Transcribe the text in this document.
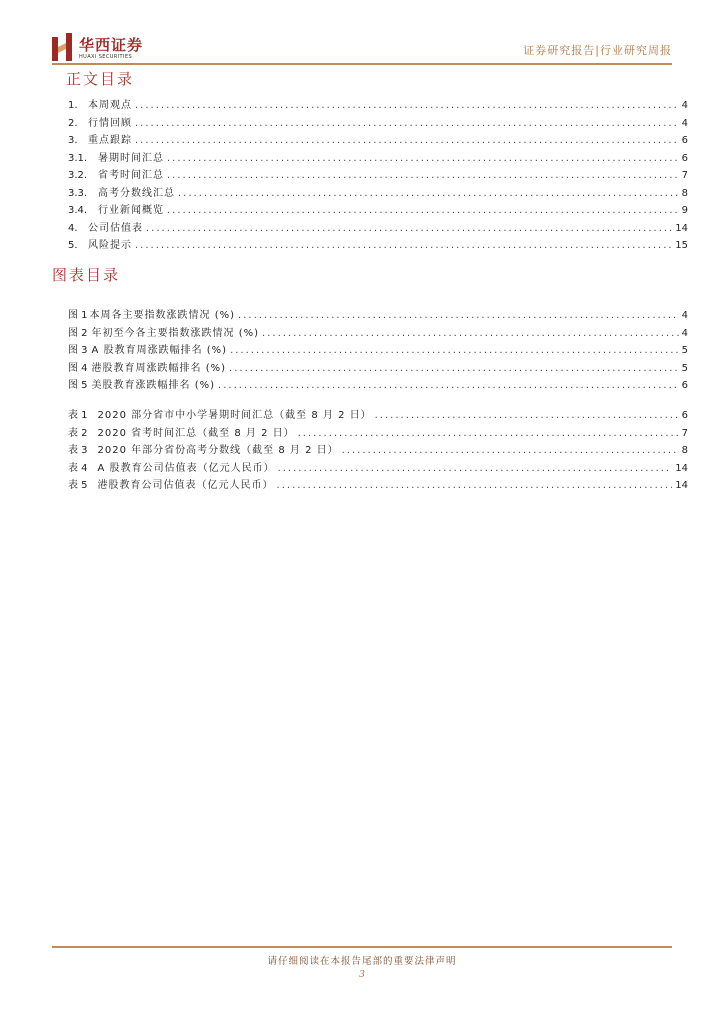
华西证券
HUAXI SECURITIES	证券研究报告|行业研究周报
正文目录
1.	本周观点 .....	4
2.	行情回顾 .....	4
3.	重点跟踪 .....	6
3.1.	暑期时间汇总 .....	6
3.2.	省考时间汇总 .....	7
3.3.	高考分数线汇总 .....	8
3.4.	行业新闻概览 .....	9
4.	公司估值表 .....	14
5.	风险提示 .....	15
图表目录
图 1 本周各主要指数涨跌情况 (%) .....	4
图 2 年初至今各主要指数涨跌情况 (%) .....	4
图 3 A 股教育周涨跌幅排名 (%) .....	5
图 4 港股教育周涨跌幅排名 (%) .....	5
图 5 美股教育涨跌幅排名 (%) .....	6
表 1 2020 部分省市中小学暑期时间汇总（截至 8 月 2 日） .....	6
表 2 2020 省考时间汇总（截至 8 月 2 日） .....	7
表 3 2020 年部分省份高考分数线（截至 8 月 2 日） .....	8
表 4 A 股教育公司估值表（亿元人民币） .....	14
表 5 港股教育公司估值表（亿元人民币） .....	14
请仔细阅读在本报告尾部的重要法律声明
3
